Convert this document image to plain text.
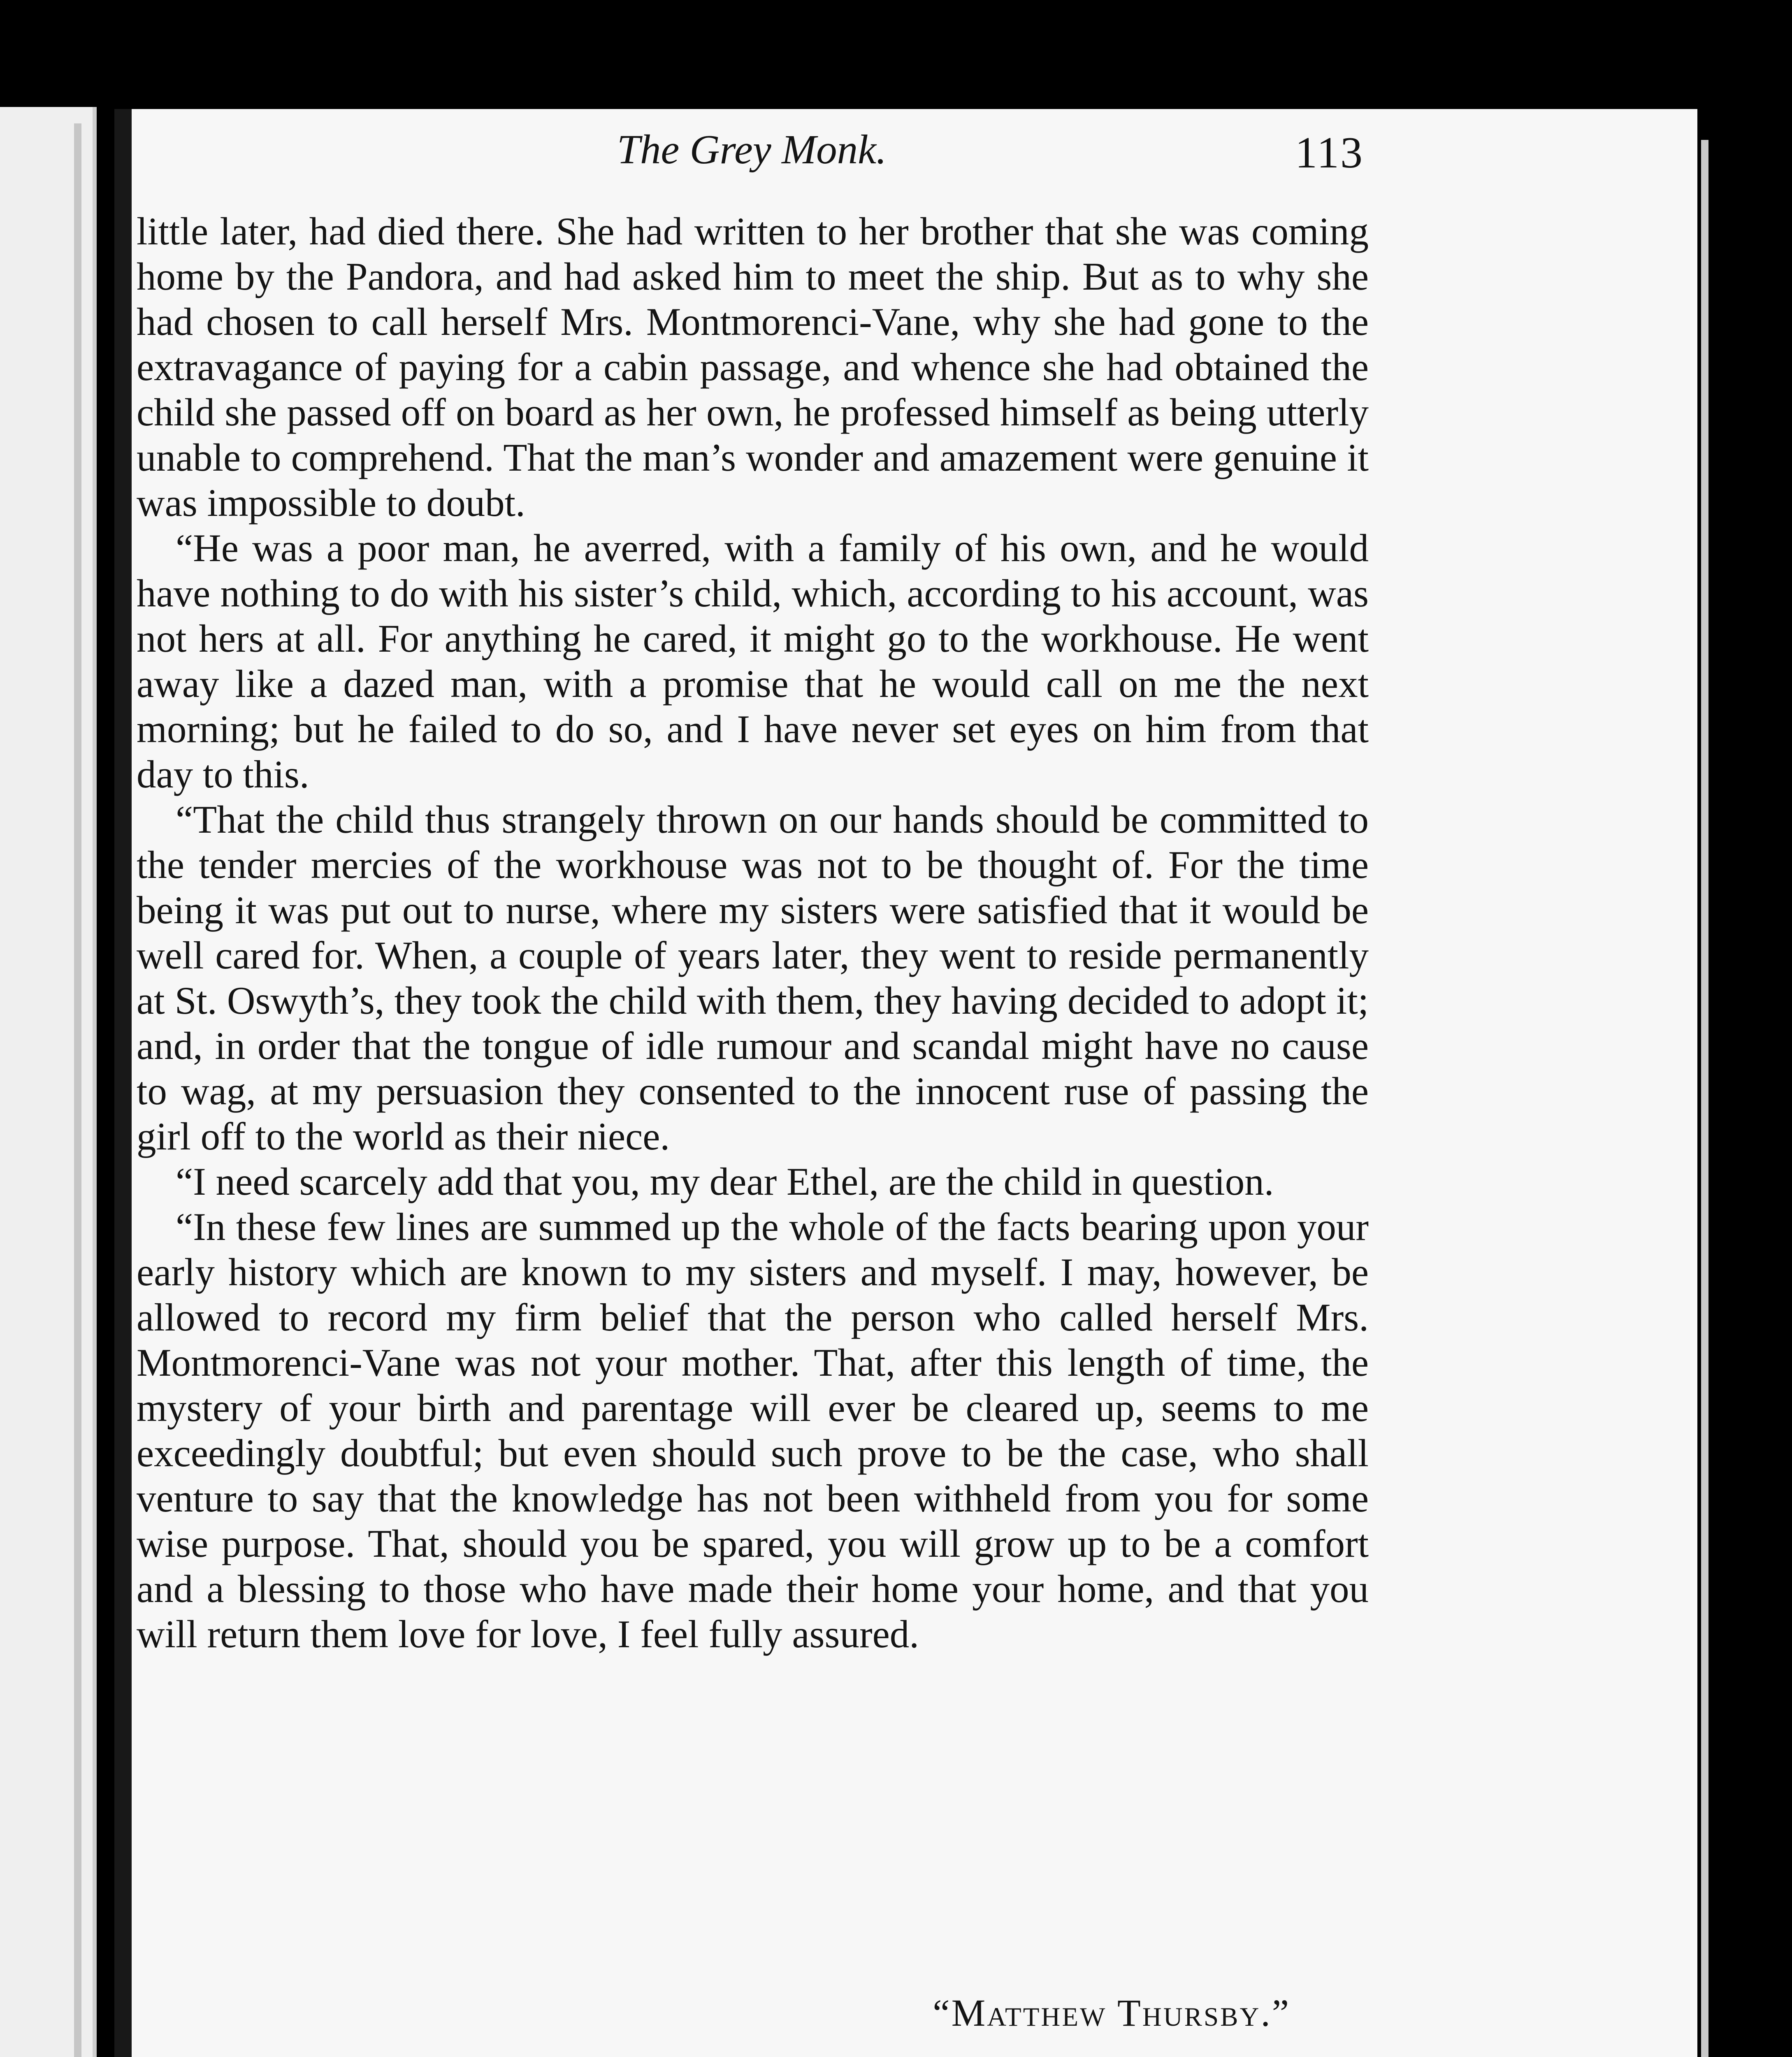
The Grey Monk.	113

little later, had died there. She had written to her brother that she was coming home by the Pandora, and had asked him to meet the ship. But as to why she had chosen to call herself Mrs. Montmorenci-Vane, why she had gone to the extravagance of paying for a cabin passage, and whence she had obtained the child she passed off on board as her own, he professed himself as being utterly unable to comprehend. That the man’s wonder and amazement were genuine it was impossible to doubt.

“He was a poor man, he averred, with a family of his own, and he would have nothing to do with his sister’s child, which, according to his account, was not hers at all. For anything he cared, it might go to the workhouse. He went away like a dazed man, with a promise that he would call on me the next morning; but he failed to do so, and I have never set eyes on him from that day to this.

“That the child thus strangely thrown on our hands should be committed to the tender mercies of the workhouse was not to be thought of. For the time being it was put out to nurse, where my sisters were satisfied that it would be well cared for. When, a couple of years later, they went to reside permanently at St. Oswyth’s, they took the child with them, they having decided to adopt it; and, in order that the tongue of idle rumour and scandal might have no cause to wag, at my persuasion they consented to the innocent ruse of passing the girl off to the world as their niece.

“I need scarcely add that you, my dear Ethel, are the child in question.

“In these few lines are summed up the whole of the facts bearing upon your early history which are known to my sisters and myself. I may, however, be allowed to record my firm belief that the person who called herself Mrs. Montmorenci-Vane was not your mother. That, after this length of time, the mystery of your birth and parentage will ever be cleared up, seems to me exceedingly doubtful; but even should such prove to be the case, who shall venture to say that the knowledge has not been withheld from you for some wise purpose. That, should you be spared, you will grow up to be a comfort and a blessing to those who have made their home your home, and that you will return them love for love, I feel fully assured.

“Matthew Thursby.”
